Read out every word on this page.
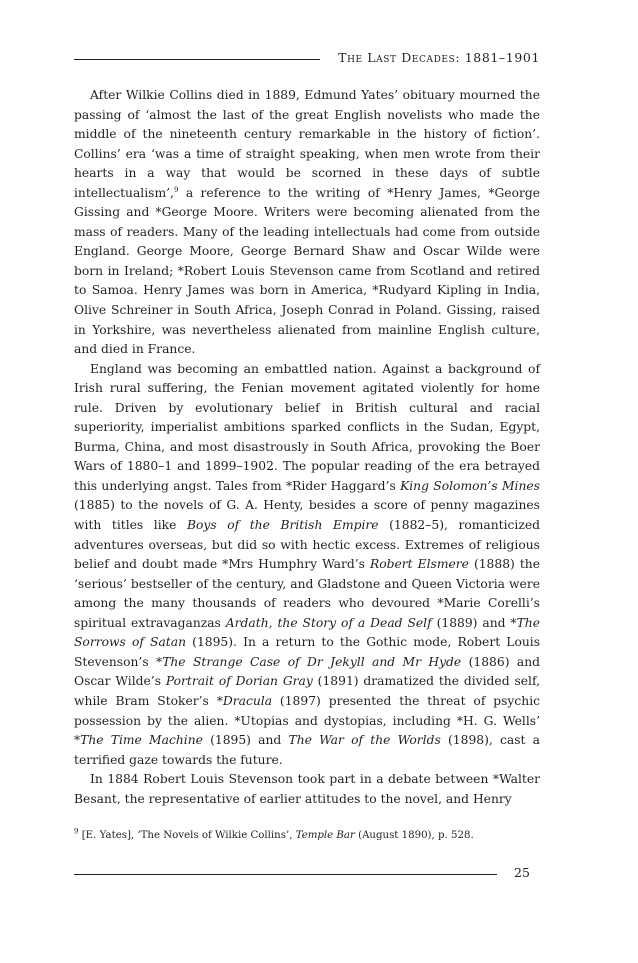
The Last Decades: 1881–1901

After Wilkie Collins died in 1889, Edmund Yates’ obituary mourned the passing of ‘almost the last of the great English novelists who made the middle of the nineteenth century remarkable in the history of fiction’. Collins’ era ‘was a time of straight speaking, when men wrote from their hearts in a way that would be scorned in these days of subtle intellectualism’,$^9$ a reference to the writing of *Henry James, *George Gissing and *George Moore. Writers were becoming alienated from the mass of readers. Many of the leading intellectuals had come from outside England. George Moore, George Bernard Shaw and Oscar Wilde were born in Ireland; *Robert Louis Stevenson came from Scotland and retired to Samoa. Henry James was born in America, *Rudyard Kipling in India, Olive Schreiner in South Africa, Joseph Conrad in Poland. Gissing, raised in Yorkshire, was nevertheless alienated from mainline English culture, and died in France.

England was becoming an embattled nation. Against a background of Irish rural suffering, the Fenian movement agitated violently for home rule. Driven by evolutionary belief in British cultural and racial superiority, imperialist ambitions sparked conflicts in the Sudan, Egypt, Burma, China, and most disastrously in South Africa, provoking the Boer Wars of 1880–1 and 1899–1902. The popular reading of the era betrayed this underlying angst. Tales from *Rider Haggard’s King Solomon’s Mines (1885) to the novels of G. A. Henty, besides a score of penny magazines with titles like Boys of the British Empire (1882–5), romanticized adventures overseas, but did so with hectic excess. Extremes of religious belief and doubt made *Mrs Humphry Ward’s Robert Elsmere (1888) the ‘serious’ bestseller of the century, and Gladstone and Queen Victoria were among the many thousands of readers who devoured *Marie Corelli’s spiritual extravaganzas Ardath, the Story of a Dead Self (1889) and *The Sorrows of Satan (1895). In a return to the Gothic mode, Robert Louis Stevenson’s *The Strange Case of Dr Jekyll and Mr Hyde (1886) and Oscar Wilde’s Portrait of Dorian Gray (1891) dramatized the divided self, while Bram Stoker’s *Dracula (1897) presented the threat of psychic possession by the alien. *Utopias and dystopias, including *H. G. Wells’ *The Time Machine (1895) and The War of the Worlds (1898), cast a terrified gaze towards the future.

In 1884 Robert Louis Stevenson took part in a debate between *Walter Besant, the representative of earlier attitudes to the novel, and Henry

$^9$ [E. Yates], ‘The Novels of Wilkie Collins’, Temple Bar (August 1890), p. 528.
25
